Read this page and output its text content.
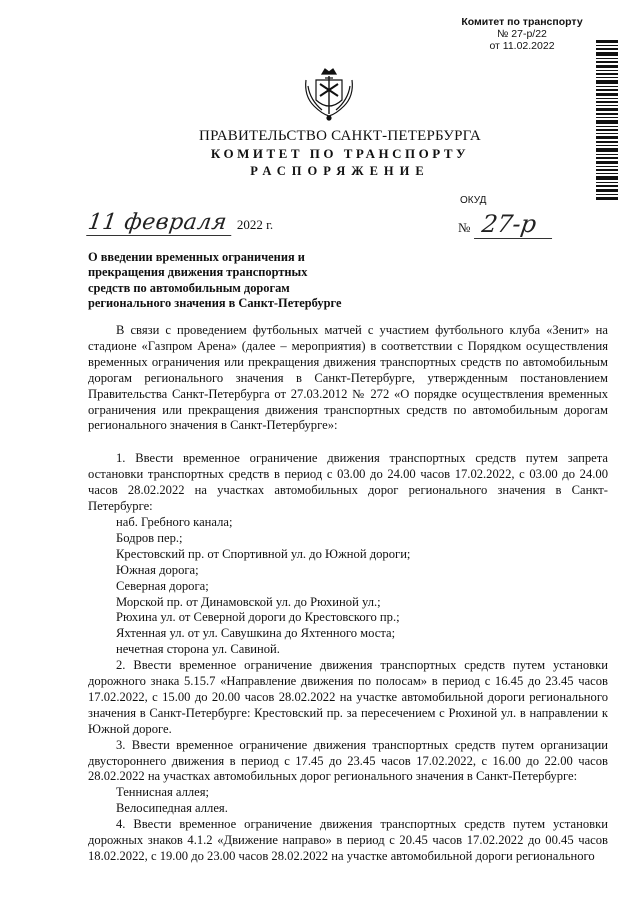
Комитет по транспорту
№ 27-р/22
от 11.02.2022
ПРАВИТЕЛЬСТВО САНКТ-ПЕТЕРБУРГА
КОМИТЕТ ПО ТРАНСПОРТУ
РАСПОРЯЖЕНИЕ
ОКУД
11 февраля 2022 г.	№ 27-р
О введении временных ограничения и прекращения движения транспортных средств по автомобильным дорогам регионального значения в Санкт-Петербурге

В связи с проведением футбольных матчей с участием футбольного клуба «Зенит» на стадионе «Газпром Арена» (далее – мероприятия) в соответствии с Порядком осуществления временных ограничения или прекращения движения транспортных средств по автомобильным дорогам регионального значения в Санкт-Петербурге, утвержденным постановлением Правительства Санкт-Петербурга от 27.03.2012 № 272 «О порядке осуществления временных ограничения или прекращения движения транспортных средств по автомобильным дорогам регионального значения в Санкт-Петербурге»:

1. Ввести временное ограничение движения транспортных средств путем запрета остановки транспортных средств в период с 03.00 до 24.00 часов 17.02.2022, с 03.00 до 24.00 часов 28.02.2022 на участках автомобильных дорог регионального значения в Санкт-Петербурге:

наб. Гребного канала;

Бодров пер.;

Крестовский пр. от Спортивной ул. до Южной дороги;

Южная дорога;

Северная дорога;

Морской пр. от Динамовской ул. до Рюхиной ул.;

Рюхина ул. от Северной дороги до Крестовского пр.;

Яхтенная ул. от ул. Савушкина до Яхтенного моста;

нечетная сторона ул. Савиной.

2. Ввести временное ограничение движения транспортных средств путем установки дорожного знака 5.15.7 «Направление движения по полосам» в период с 16.45 до 23.45 часов 17.02.2022, с 15.00 до 20.00 часов 28.02.2022 на участке автомобильной дороги регионального значения в Санкт-Петербурге: Крестовский пр. за пересечением с Рюхиной ул. в направлении к Южной дороге.

3. Ввести временное ограничение движения транспортных средств путем организации двустороннего движения в период с 17.45 до 23.45 часов 17.02.2022, с 16.00 до 22.00 часов 28.02.2022 на участках автомобильных дорог регионального значения в Санкт-Петербурге:

Теннисная аллея;

Велосипедная аллея.

4. Ввести временное ограничение движения транспортных средств путем установки дорожных знаков 4.1.2 «Движение направо» в период с 20.45 часов 17.02.2022 до 00.45 часов 18.02.2022, с 19.00 до 23.00 часов 28.02.2022 на участке автомобильной дороги регионального
